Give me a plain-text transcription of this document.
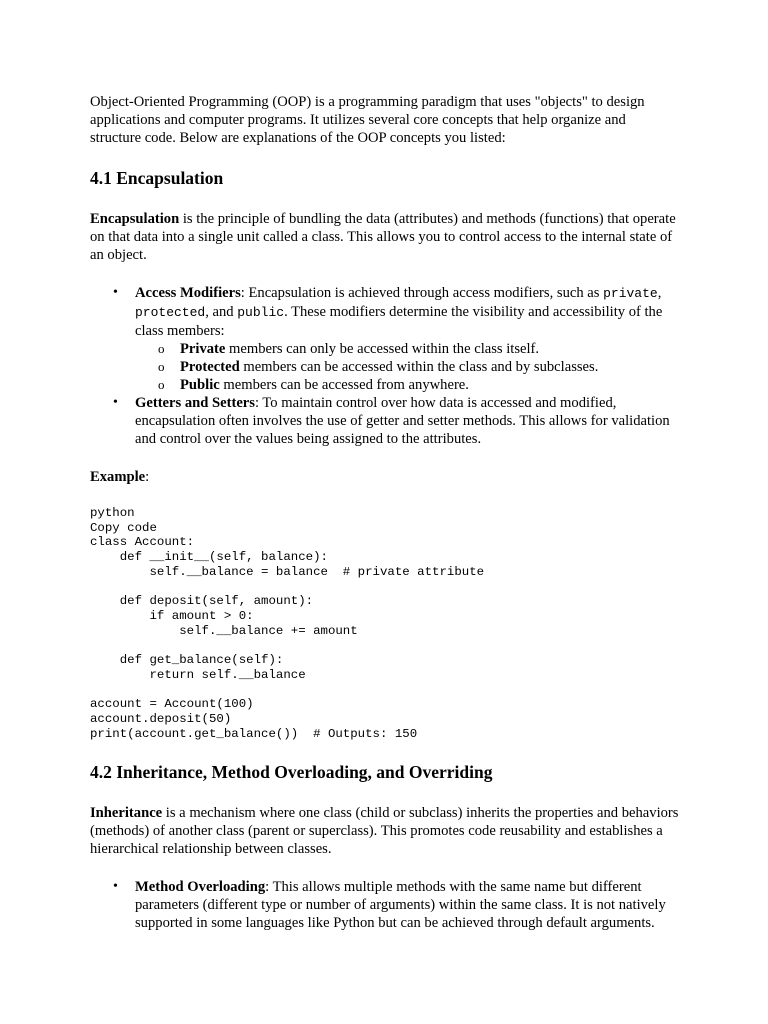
Object-Oriented Programming (OOP) is a programming paradigm that uses "objects" to design applications and computer programs. It utilizes several core concepts that help organize and structure code. Below are explanations of the OOP concepts you listed:

4.1 Encapsulation

Encapsulation is the principle of bundling the data (attributes) and methods (functions) that operate on that data into a single unit called a class. This allows you to control access to the internal state of an object.

• Access Modifiers: Encapsulation is achieved through access modifiers, such as private,
protected, and public. These modifiers determine the visibility and accessibility of the class members:
o Private members can only be accessed within the class itself.
o Protected members can be accessed within the class and by subclasses.
o Public members can be accessed from anywhere.
• Getters and Setters: To maintain control over how data is accessed and modified, encapsulation often involves the use of getter and setter methods. This allows for validation and control over the values being assigned to the attributes.

Example:

python
Copy code
class Account:
def __init__(self, balance):
self.__balance = balance  # private attribute

def deposit(self, amount):
if amount > 0:
self.__balance += amount

def get_balance(self):
return self.__balance

account = Account(100)
account.deposit(50)
print(account.get_balance())  # Outputs: 150
4.2 Inheritance, Method Overloading, and Overriding

Inheritance is a mechanism where one class (child or subclass) inherits the properties and behaviors (methods) of another class (parent or superclass). This promotes code reusability and establishes a hierarchical relationship between classes.

• Method Overloading: This allows multiple methods with the same name but different parameters (different type or number of arguments) within the same class. It is not natively supported in some languages like Python but can be achieved through default arguments.
